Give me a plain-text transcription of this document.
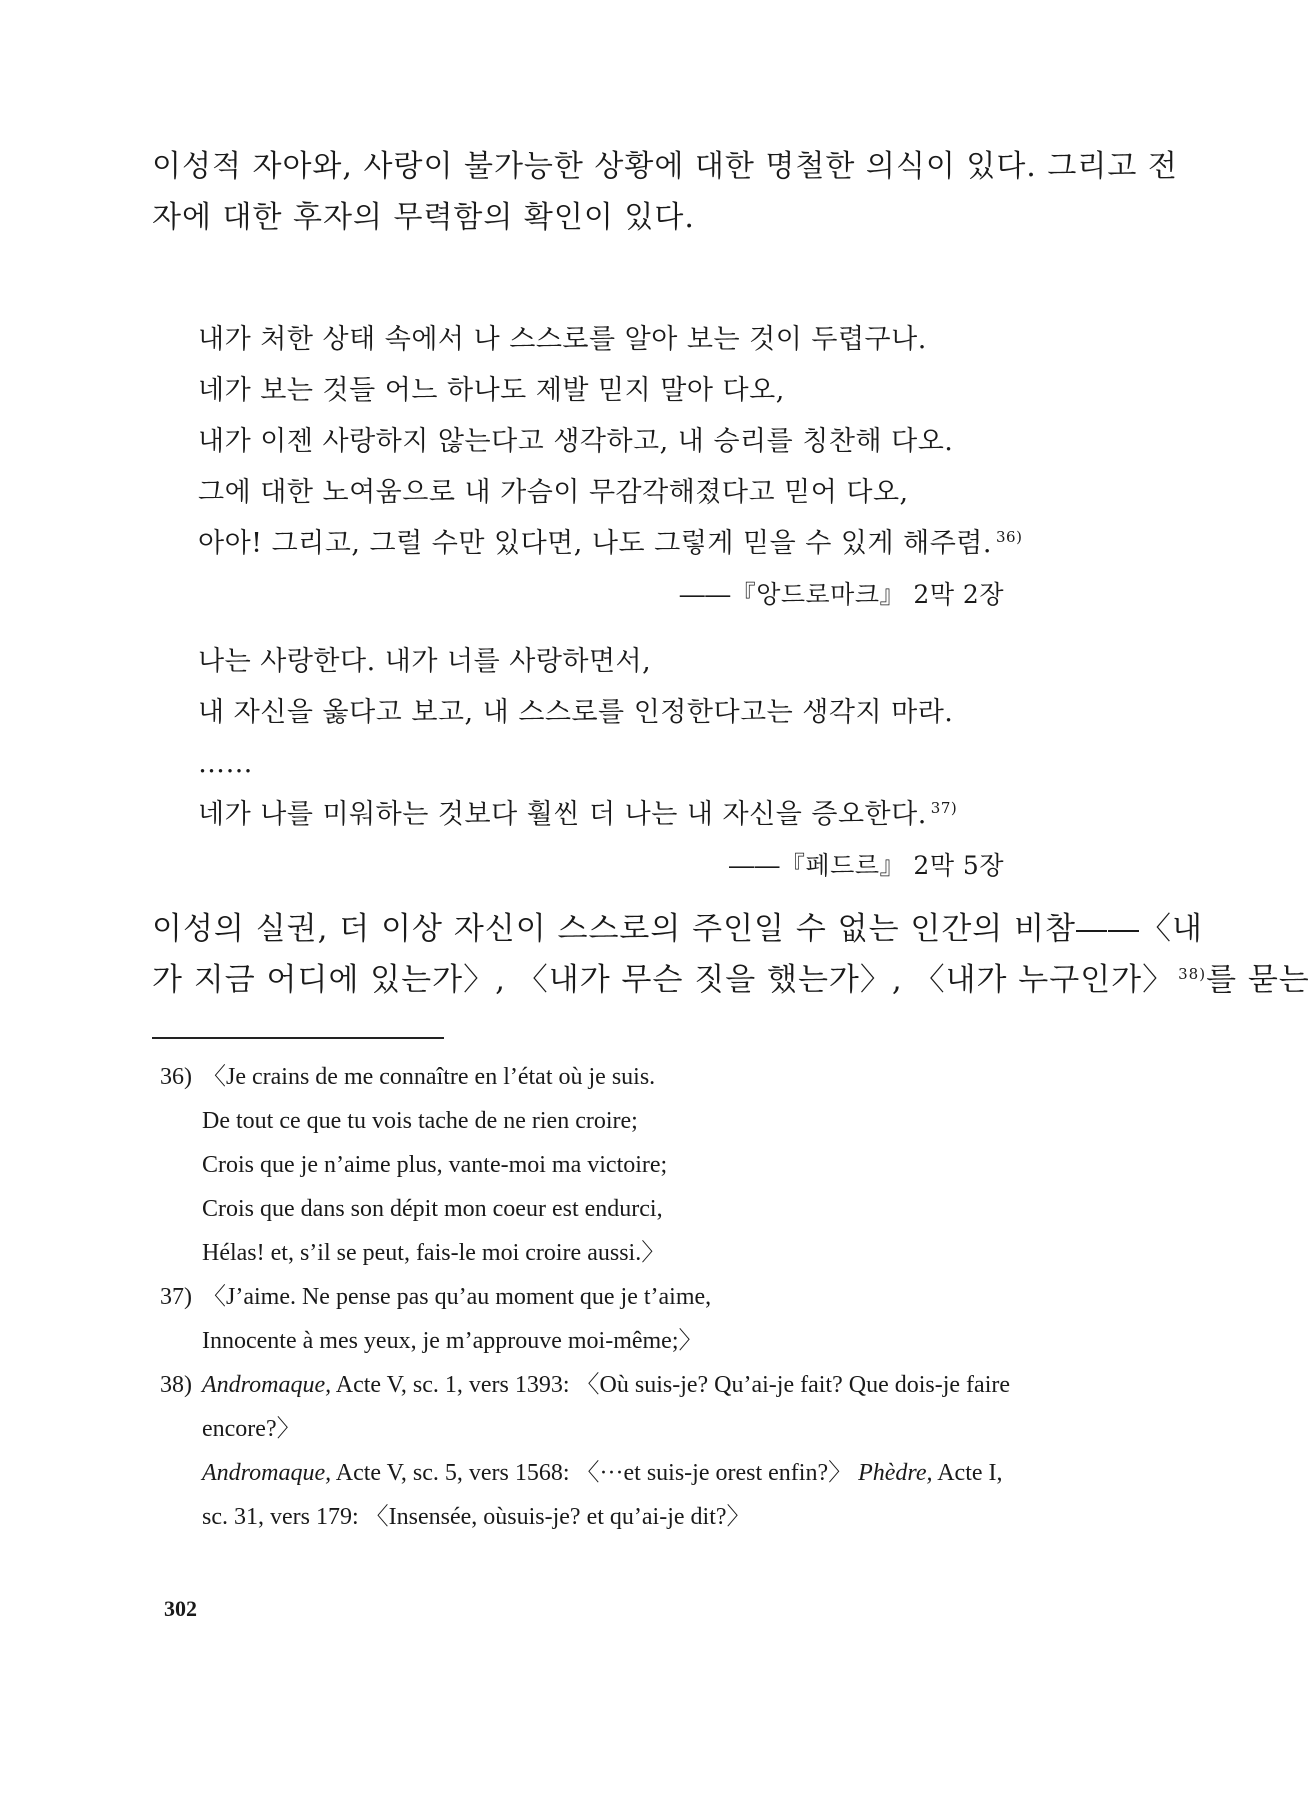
이성적 자아와, 사랑이 불가능한 상황에 대한 명철한 의식이 있다. 그리고 전
자에 대한 후자의 무력함의 확인이 있다.
내가 처한 상태 속에서 나 스스로를 알아 보는 것이 두렵구나.
네가 보는 것들 어느 하나도 제발 믿지 말아 다오,
내가 이젠 사랑하지 않는다고 생각하고, 내 승리를 칭찬해 다오.
그에 대한 노여움으로 내 가슴이 무감각해졌다고 믿어 다오,
아아! 그리고, 그럴 수만 있다면, 나도 그렇게 믿을 수 있게 해주렴. $^{36)}$
――『앙드로마크』 2막 2장
나는 사랑한다. 내가 너를 사랑하면서,
내 자신을 옳다고 보고, 내 스스로를 인정한다고는 생각지 마라.
……
네가 나를 미워하는 것보다 훨씬 더 나는 내 자신을 증오한다. $^{37)}$
――『페드르』 2막 5장
이성의 실권, 더 이상 자신이 스스로의 주인일 수 없는 인간의 비참――〈내
가 지금 어디에 있는가〉, 〈내가 무슨 짓을 했는가〉, 〈내가 누구인가〉 $^{38)}$를 묻는
36) 〈Je crains de me connaître en l’état où je suis.
De tout ce que tu vois tache de ne rien croire;
Crois que je n’aime plus, vante-moi ma victoire;
Crois que dans son dépit mon coeur est endurci,
Hélas! et, s’il se peut, fais-le moi croire aussi.〉
37) 〈J’aime. Ne pense pas qu’au moment que je t’aime,
Innocente à mes yeux, je m’approuve moi-même;〉
38) Andromaque, Acte V, sc. 1, vers 1393: 〈Où suis-je? Qu’ai-je fait? Que dois-je faire
encore?〉
Andromaque, Acte V, sc. 5, vers 1568: 〈···et suis-je orest enfin?〉 Phèdre, Acte I,
sc. 31, vers 179: 〈Insensée, oùsuis-je? et qu’ai-je dit?〉
302
